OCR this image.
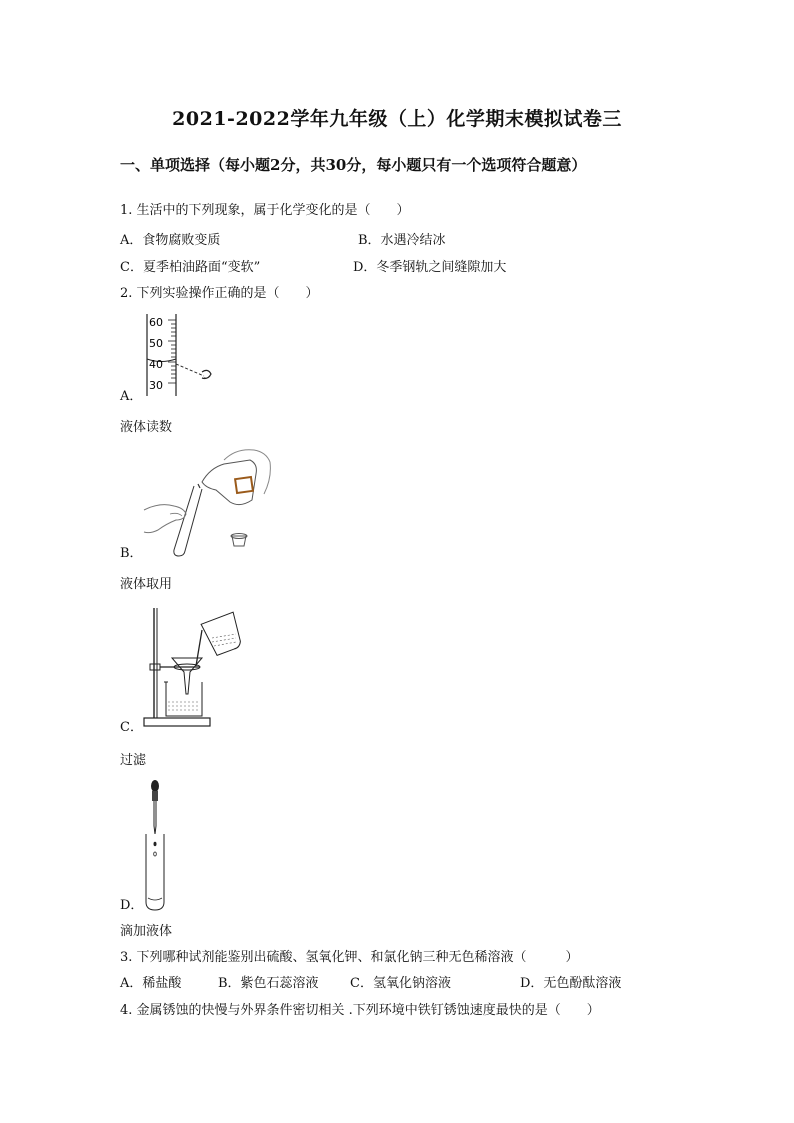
2021-2022学年九年级（上）化学期末模拟试卷三
一、单项选择（每小题2分，共30分，每小题只有一个选项符合题意）
1. 生活中的下列现象，属于化学变化的是（　　）
A．食物腐败变质	B．水遇冷结冰
C．夏季柏油路面“变软”	D．冬季钢轨之间缝隙加大
2. 下列实验操作正确的是（　　）
60
50
40
30
A．
液体读数
B．
液体取用
C．
过滤
D．
滴加液体
3. 下列哪种试剂能鉴别出硫酸、氢氧化钾、和氯化钠三种无色稀溶液（　　　）
A．稀盐酸	B．紫色石蕊溶液 C．氢氧化钠溶液	D．无色酚酞溶液
4. 金属锈蚀的快慢与外界条件密切相关 .下列环境中铁钉锈蚀速度最快的是（　　）
